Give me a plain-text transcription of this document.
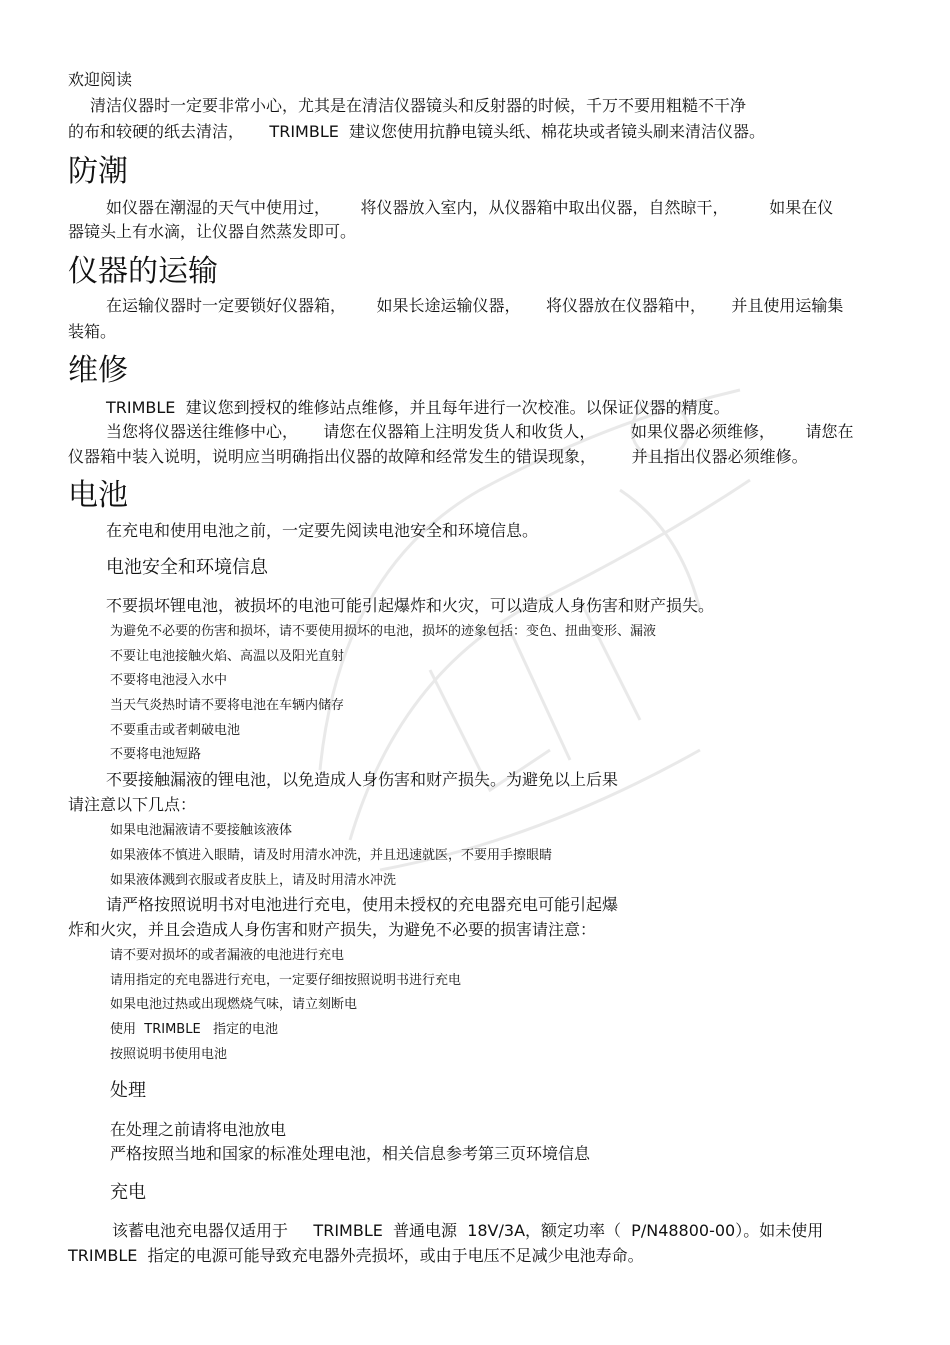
欢迎阅读
清洁仪器时一定要非常小心，尤其是在清洁仪器镜头和反射器的时候，千万不要用粗糙不干净
的布和较硬的纸去清洁，     TRIMBLE  建议您使用抗静电镜头纸、棉花块或者镜头刷来清洁仪器。
防潮
如仪器在潮湿的天气中使用过，      将仪器放入室内，从仪器箱中取出仪器，自然晾干，        如果在仪
器镜头上有水滴，让仪器自然蒸发即可。
仪器的运输
在运输仪器时一定要锁好仪器箱，      如果长途运输仪器，     将仪器放在仪器箱中，     并且使用运输集
装箱。
维修
TRIMBLE  建议您到授权的维修站点维修，并且每年进行一次校准。以保证仪器的精度。
当您将仪器送往维修中心，     请您在仪器箱上注明发货人和收货人，       如果仪器必须维修，      请您在
仪器箱中装入说明，说明应当明确指出仪器的故障和经常发生的错误现象，       并且指出仪器必须维修。
电池
在充电和使用电池之前，一定要先阅读电池安全和环境信息。
电池安全和环境信息
不要损坏锂电池，被损坏的电池可能引起爆炸和火灾，可以造成人身伤害和财产损失。
为避免不必要的伤害和损坏，请不要使用损坏的电池，损坏的迹象包括：变色、扭曲变形、漏液
不要让电池接触火焰、高温以及阳光直射
不要将电池浸入水中
当天气炎热时请不要将电池在车辆内储存
不要重击或者刺破电池
不要将电池短路
不要接触漏液的锂电池，以免造成人身伤害和财产损失。为避免以上后果
请注意以下几点：
如果电池漏液请不要接触该液体
如果液体不慎进入眼睛，请及时用清水冲洗，并且迅速就医，不要用手擦眼睛
如果液体溅到衣服或者皮肤上，请及时用清水冲洗
请严格按照说明书对电池进行充电，使用未授权的充电器充电可能引起爆
炸和火灾，并且会造成人身伤害和财产损失，为避免不必要的损害请注意：
请不要对损坏的或者漏液的电池进行充电
请用指定的充电器进行充电，一定要仔细按照说明书进行充电
如果电池过热或出现燃烧气味，请立刻断电
使用  TRIMBLE   指定的电池
按照说明书使用电池
处理
在处理之前请将电池放电
严格按照当地和国家的标准处理电池，相关信息参考第三页环境信息
充电
该蓄电池充电器仅适用于     TRIMBLE  普通电源  18V/3A，额定功率（  P/N48800-00）。如未使用
TRIMBLE  指定的电源可能导致充电器外壳损坏，或由于电压不足减少电池寿命。
